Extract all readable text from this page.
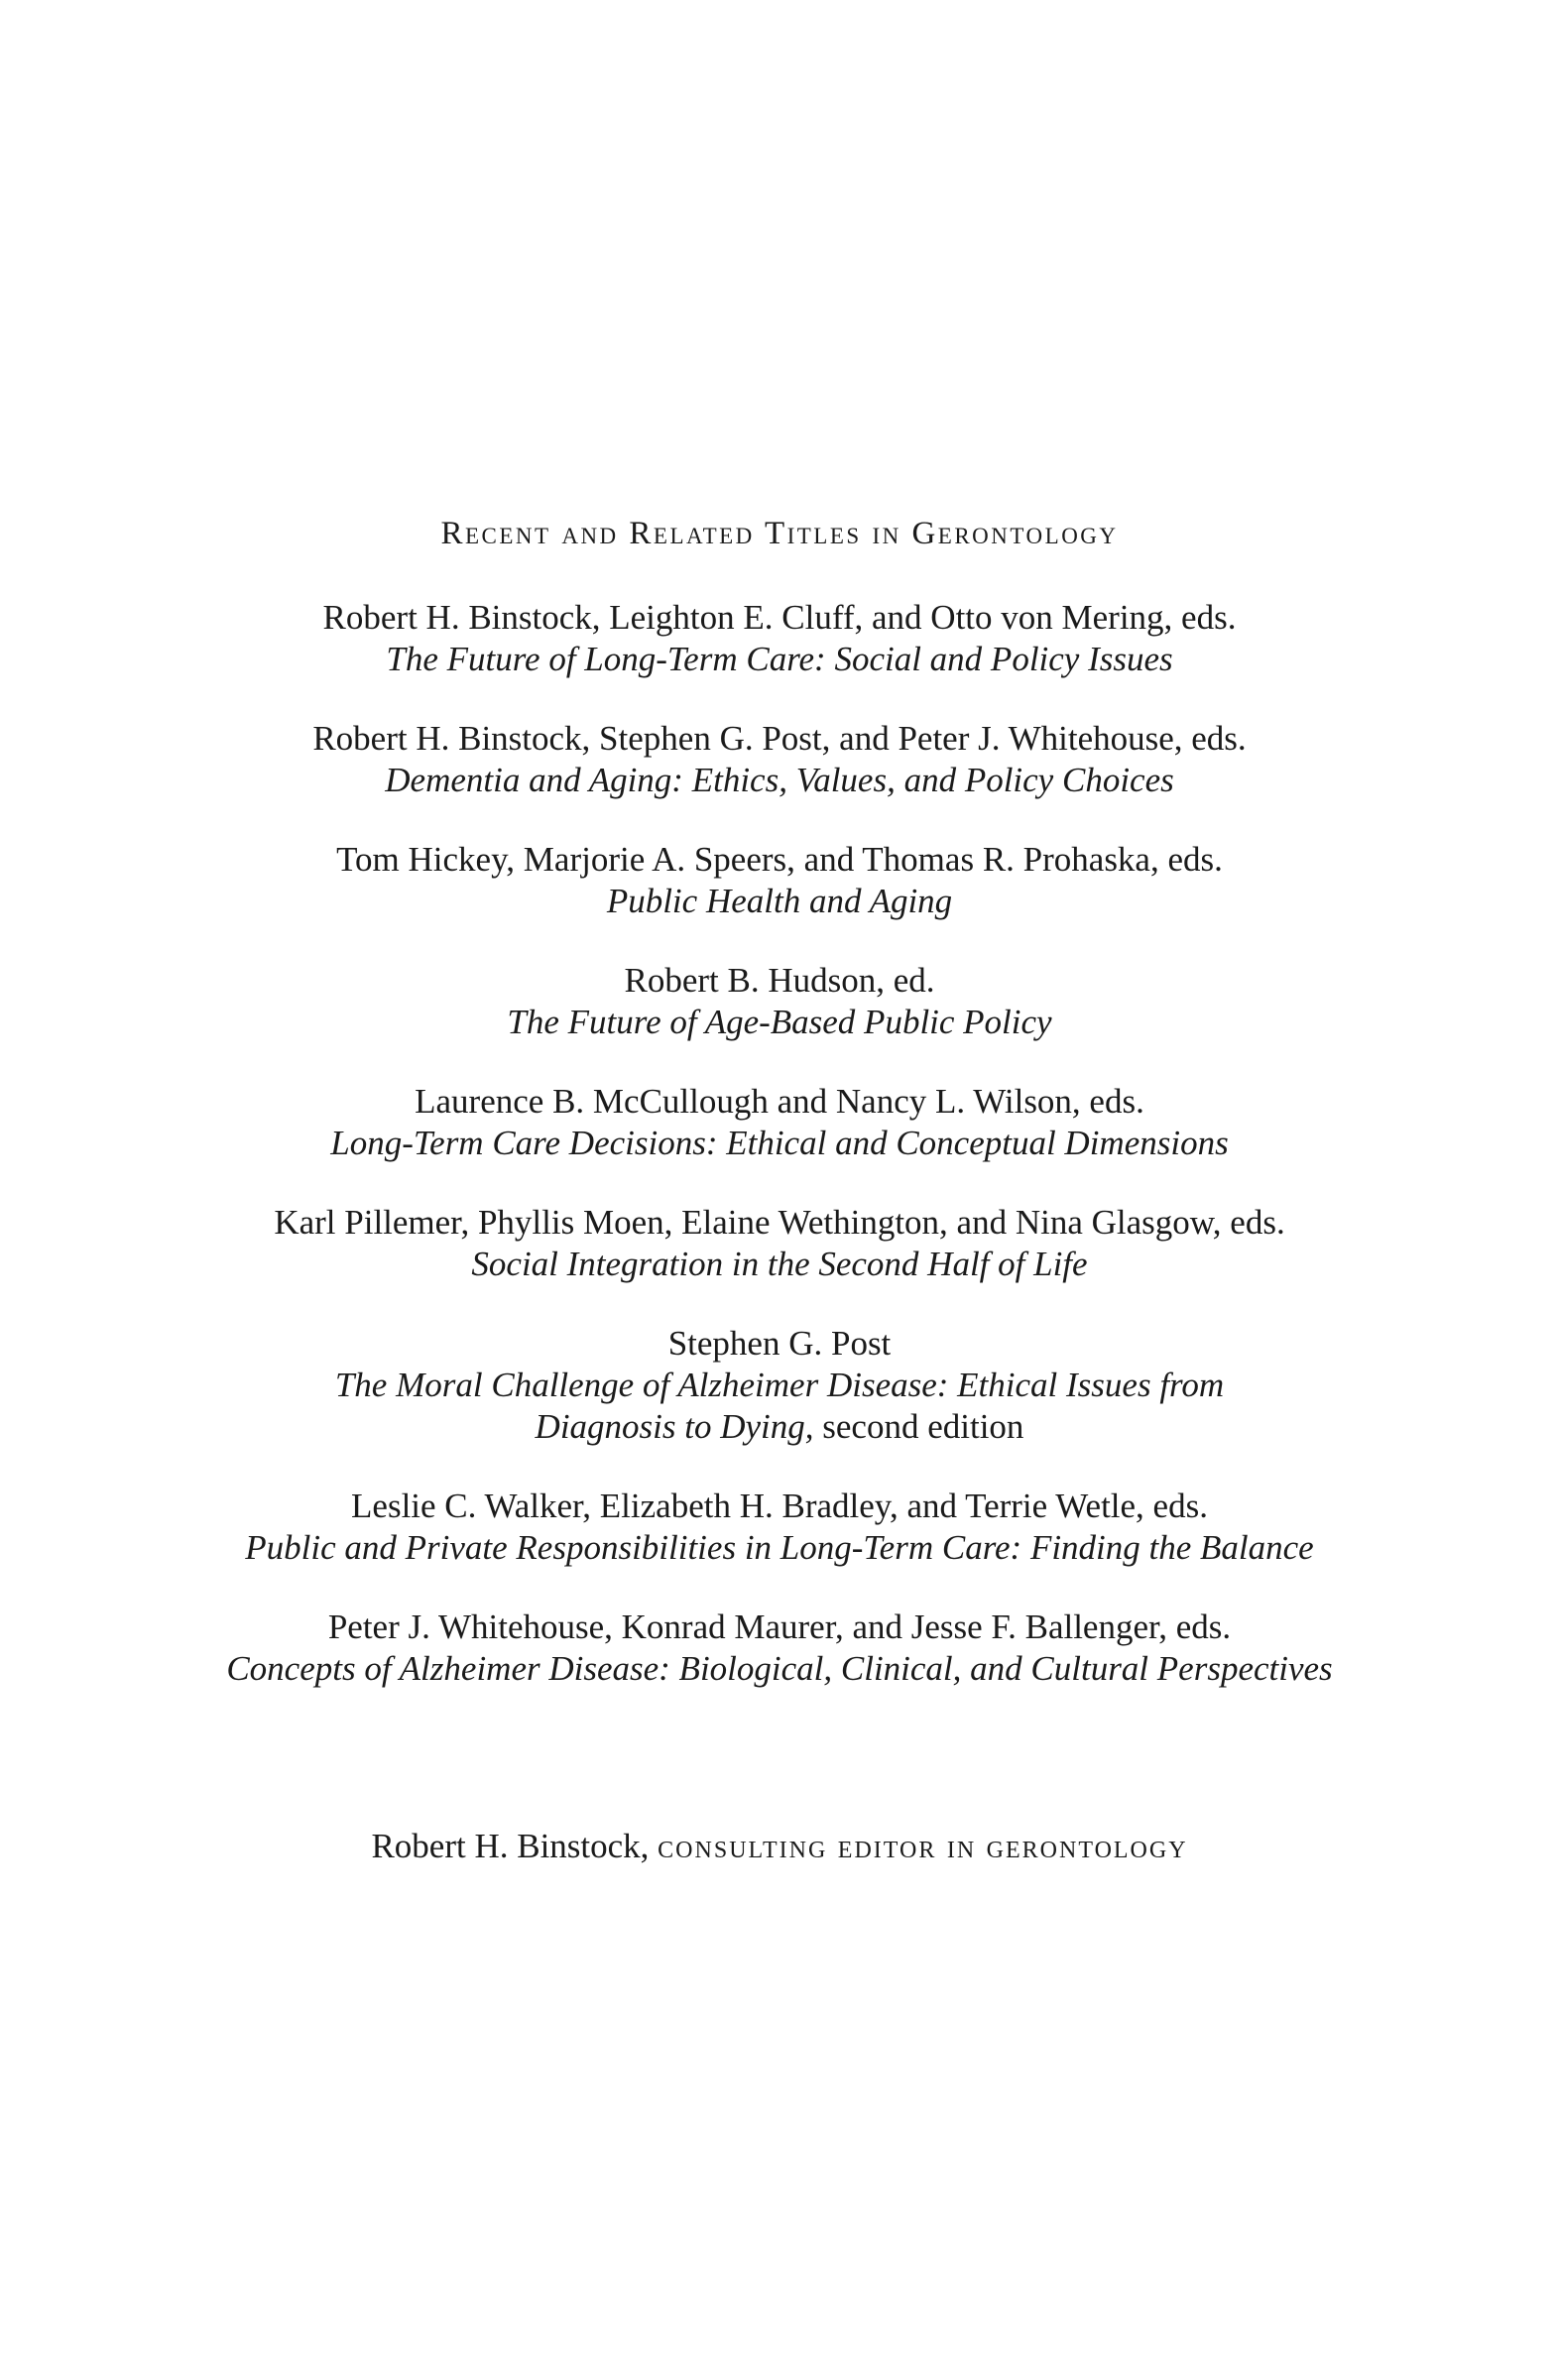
Recent and Related Titles in Gerontology
Robert H. Binstock, Leighton E. Cluff, and Otto von Mering, eds.
The Future of Long-Term Care: Social and Policy Issues
Robert H. Binstock, Stephen G. Post, and Peter J. Whitehouse, eds.
Dementia and Aging: Ethics, Values, and Policy Choices
Tom Hickey, Marjorie A. Speers, and Thomas R. Prohaska, eds.
Public Health and Aging
Robert B. Hudson, ed.
The Future of Age-Based Public Policy
Laurence B. McCullough and Nancy L. Wilson, eds.
Long-Term Care Decisions: Ethical and Conceptual Dimensions
Karl Pillemer, Phyllis Moen, Elaine Wethington, and Nina Glasgow, eds.
Social Integration in the Second Half of Life
Stephen G. Post
The Moral Challenge of Alzheimer Disease: Ethical Issues from
Diagnosis to Dying, second edition
Leslie C. Walker, Elizabeth H. Bradley, and Terrie Wetle, eds.
Public and Private Responsibilities in Long-Term Care: Finding the Balance
Peter J. Whitehouse, Konrad Maurer, and Jesse F. Ballenger, eds.
Concepts of Alzheimer Disease: Biological, Clinical, and Cultural Perspectives
Robert H. Binstock, consulting editor in gerontology
